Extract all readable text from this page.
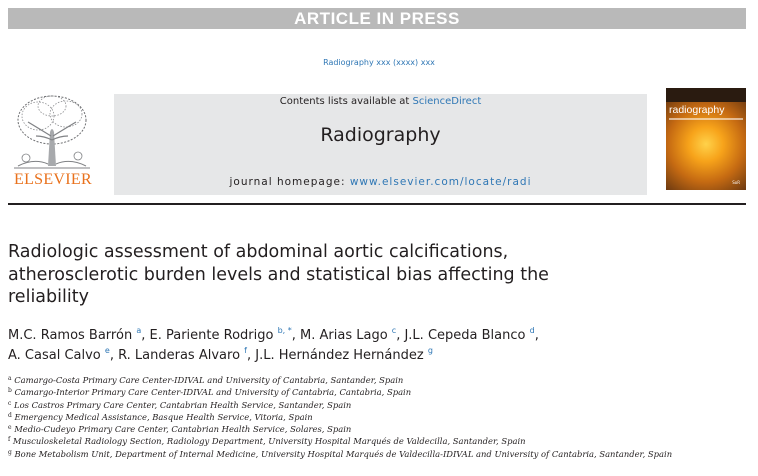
ARTICLE IN PRESS
Radiography xxx (xxxx) xxx
ELSEVIER
Contents lists available at ScienceDirect
Radiography
journal homepage: www.elsevier.com/locate/radi
radiography
SoR
Radiologic assessment of abdominal aortic calcifications,
atherosclerotic burden levels and statistical bias affecting the
reliability
M.C. Ramos Barrón $^a$, E. Pariente Rodrigo $^{b, *}$, M. Arias Lago $^c$, J.L. Cepeda Blanco $^d$,
A. Casal Calvo $^e$, R. Landeras Alvaro $^f$, J.L. Hernández Hernández $^g$
$^a$ Camargo-Costa Primary Care Center-IDIVAL and University of Cantabria, Santander, Spain
$^b$ Camargo-Interior Primary Care Center-IDIVAL and University of Cantabria, Cantabria, Spain
$^c$ Los Castros Primary Care Center, Cantabrian Health Service, Santander, Spain
$^d$ Emergency Medical Assistance, Basque Health Service, Vitoria, Spain
$^e$ Medio-Cudeyo Primary Care Center, Cantabrian Health Service, Solares, Spain
$^f$ Musculoskeletal Radiology Section, Radiology Department, University Hospital Marqués de Valdecilla, Santander, Spain
$^g$ Bone Metabolism Unit, Department of Internal Medicine, University Hospital Marqués de Valdecilla-IDIVAL and University of Cantabria, Santander, Spain
